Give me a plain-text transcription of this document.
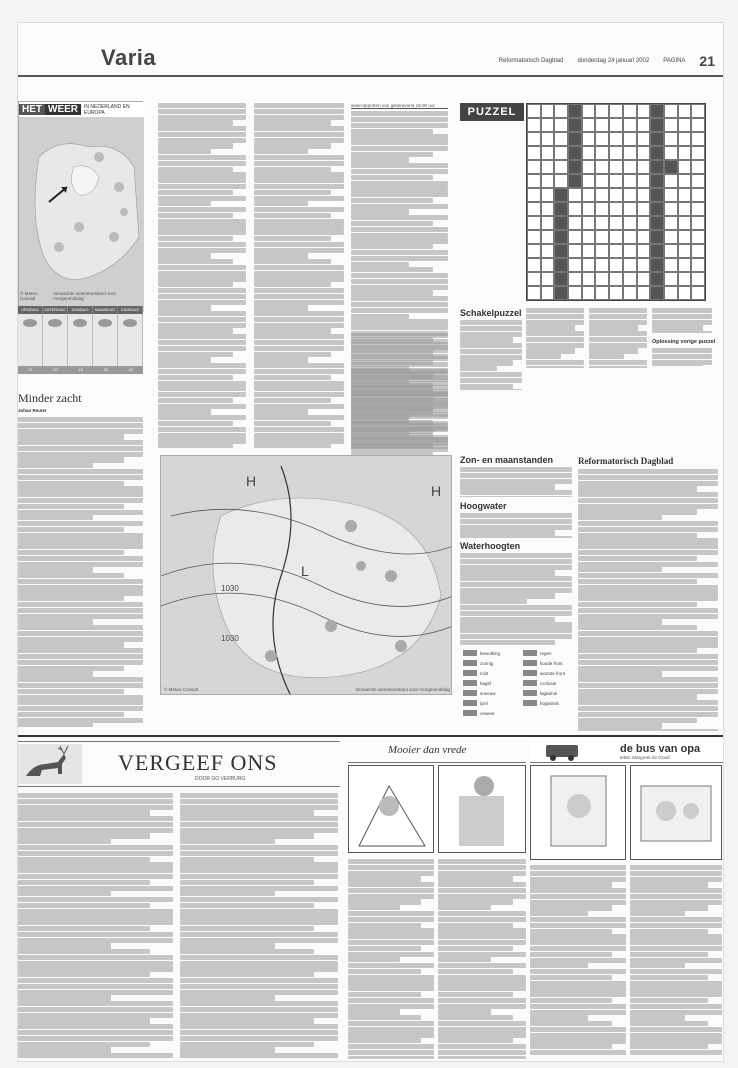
Varia	Reformatorisch Dagblad donderdag 24 januari 2002 PAGINA 21
HET WEER	IN NEDERLAND EN EUROPA
© Meteo Consult
Verwachte weerstoestand voor morgenmiddag
VRIJDAG	ZATERDAG	ZONDAG	MAANDAG	DINSDAG
21	20	19	18	18
Minder zacht
Johan Reuter
weerrapporten van gisteravond 18.00 uur
PUZZEL
Schakelpuzzel
Oplossing vorige puzzel
Zon- en maanstanden
Hoogwater
Waterhoogten
H
H
L
1030
1030
© Meteo Consult	Verwachte weerstoestand voor morgenmiddag
bewolking	regen
zonnig	koude front
mist	warmte front
hagel	occlusie
sneeuw	lagedruk
ijzel	hogedruk
onweer
Reformatorisch Dagblad
VERGEEF ONS
DOOR GO VERBURG
Mooier dan vrede	de bus van opa
tekst: Margreet de Graaf
